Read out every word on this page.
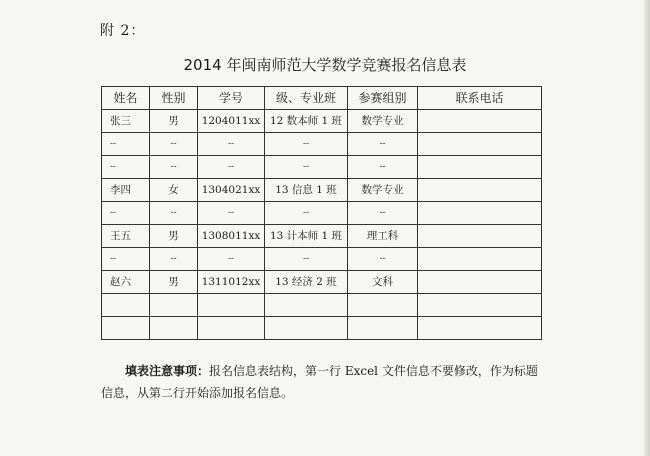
附 2：
2014 年闽南师范大学数学竞赛报名信息表
姓名	性别	学号	级、专业班	参赛组别	联系电话
张三	男	1204011xx	12 数本师 1 班	数学专业	
--	--	--	--	--	
--	--	--	--	--	
李四	女	1304021xx	13 信息 1 班	数学专业	
--	--	--	--	--	
王五	男	1308011xx	13 计本师 1 班	理工科	
--	--	--	--	--	
赵六	男	1311012xx	13 经济 2 班	文科	

填表注意事项：报名信息表结构，第一行 Excel 文件信息不要修改，作为标题信息，从第二行开始添加报名信息。
